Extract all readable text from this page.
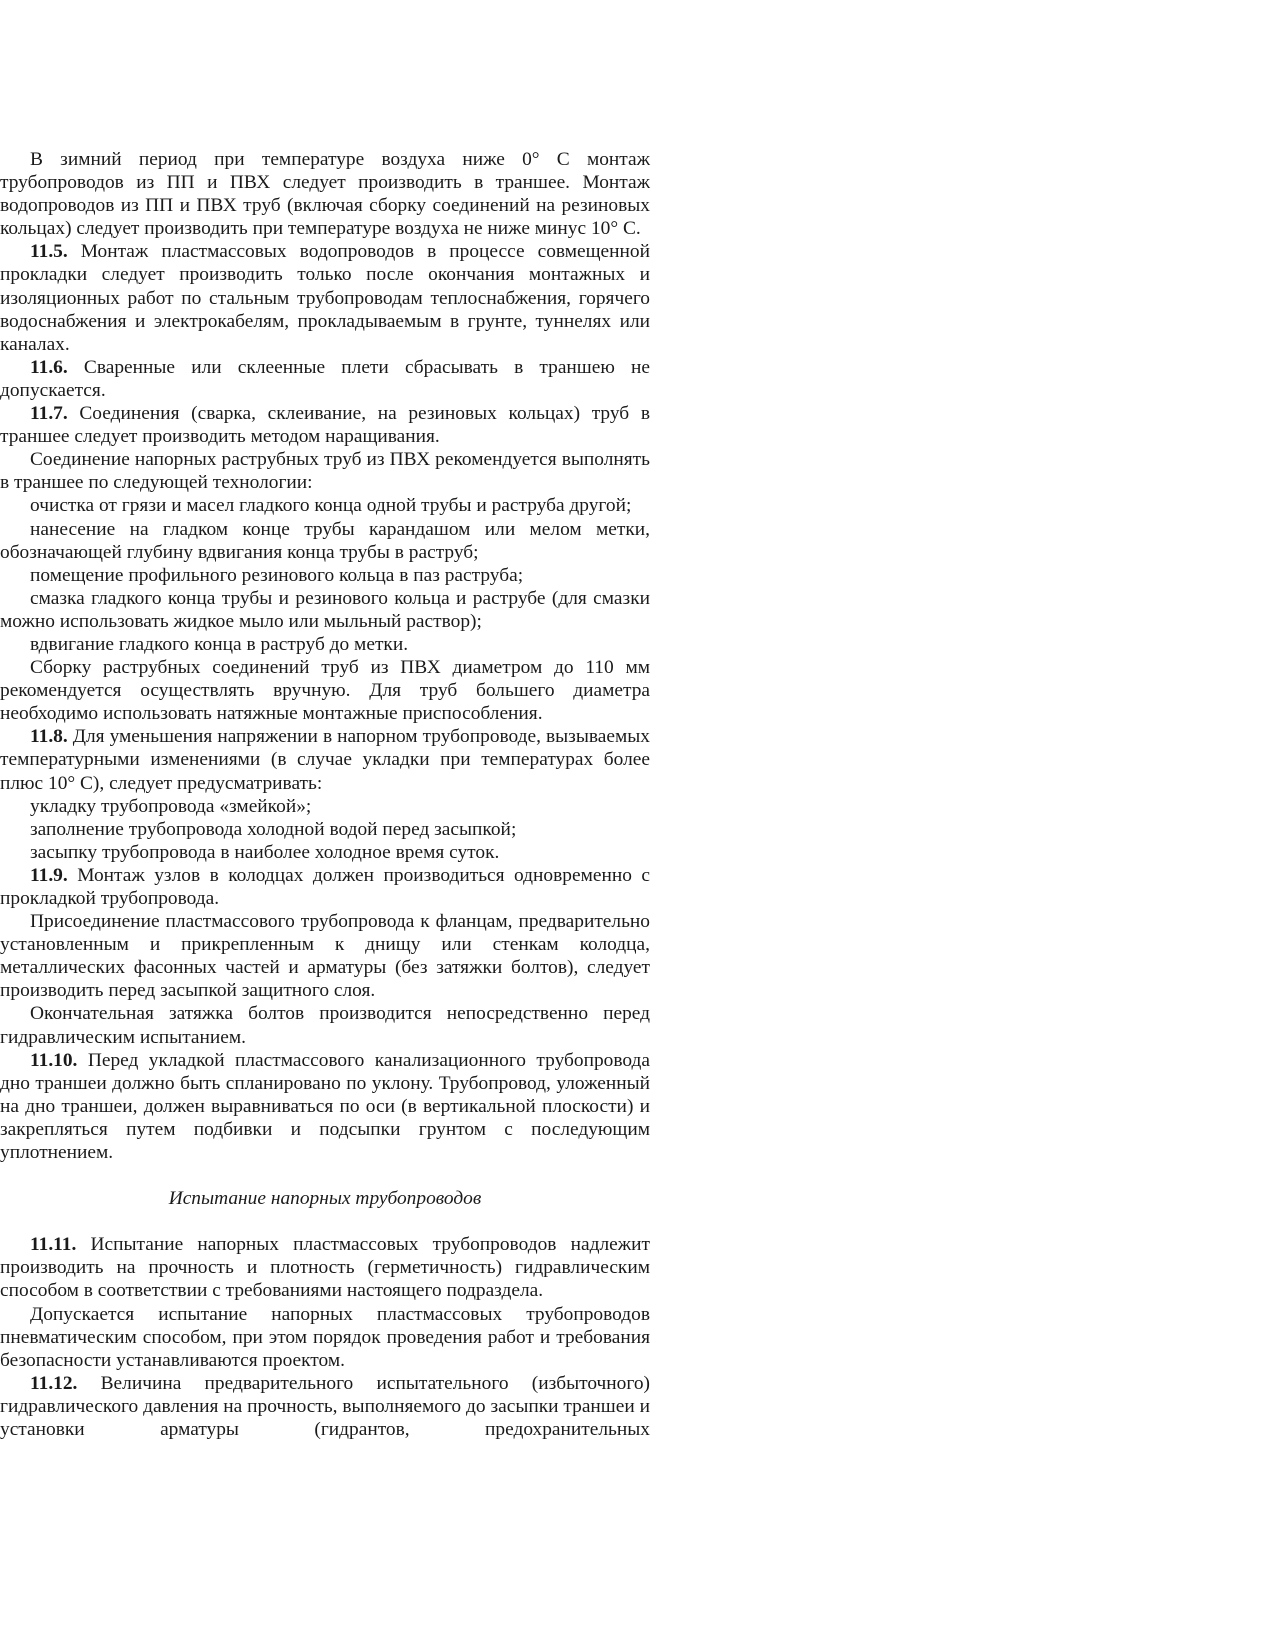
В зимний период при температуре воздуха ниже 0° С монтаж трубопроводов из ПП и ПВХ следует производить в траншее. Монтаж водопроводов из ПП и ПВХ труб (включая сборку соединений на резиновых кольцах) следует производить при температуре воздуха не ниже минус 10° С.

11.5. Монтаж пластмассовых водопроводов в процессе совмещенной прокладки следует производить только после окончания монтажных и изоляционных работ по стальным трубопроводам теплоснабжения, горячего водоснабжения и электрокабелям, прокладываемым в грунте, туннелях или каналах.

11.6. Сваренные или склеенные плети сбрасывать в траншею не допускается.

11.7. Соединения (сварка, склеивание, на резиновых кольцах) труб в траншее следует производить методом наращивания.

Соединение напорных раструбных труб из ПВХ рекомендуется выполнять в траншее по следующей технологии:

очистка от грязи и масел гладкого конца одной трубы и раструба другой;

нанесение на гладком конце трубы карандашом или мелом метки, обозначающей глубину вдвигания конца трубы в раструб;

помещение профильного резинового кольца в паз раструба;

смазка гладкого конца трубы и резинового кольца и раструбе (для смазки можно использовать жидкое мыло или мыльный раствор);

вдвигание гладкого конца в раструб до метки.

Сборку раструбных соединений труб из ПВХ диаметром до 110 мм рекомендуется осуществлять вручную. Для труб большего диаметра необходимо использовать натяжные монтажные приспособления.

11.8. Для уменьшения напряжении в напорном трубопроводе, вызываемых температурными изменениями (в случае укладки при температурах более плюс 10° С), следует предусматривать:

укладку трубопровода «змейкой»;

заполнение трубопровода холодной водой перед засыпкой;

засыпку трубопровода в наиболее холодное время суток.

11.9. Монтаж узлов в колодцах должен производиться одновременно с прокладкой трубопровода.

Присоединение пластмассового трубопровода к фланцам, предварительно установленным и прикрепленным к днищу или стенкам колодца, металлических фасонных частей и арматуры (без затяжки болтов), следует производить перед засыпкой защитного слоя.

Окончательная затяжка болтов производится непосредственно перед гидравлическим испытанием.

11.10. Перед укладкой пластмассового канализационного трубопровода дно траншеи должно быть спланировано по уклону. Трубопровод, уложенный на дно траншеи, должен выравниваться по оси (в вертикальной плоскости) и закрепляться путем подбивки и подсыпки грунтом с последующим уплотнением.

Испытание напорных трубопроводов

11.11. Испытание напорных пластмассовых трубопроводов надлежит производить на прочность и плотность (герметичность) гидравлическим способом в соответствии с требованиями настоящего подраздела.

Допускается испытание напорных пластмассовых трубопроводов пневматическим способом, при этом порядок проведения работ и требования безопасности устанавливаются проектом.

11.12. Величина предварительного испытательного (избыточного) гидравлического давления на прочность, выполняемого до засыпки траншеи и установки арматуры (гидрантов, предохранительных
